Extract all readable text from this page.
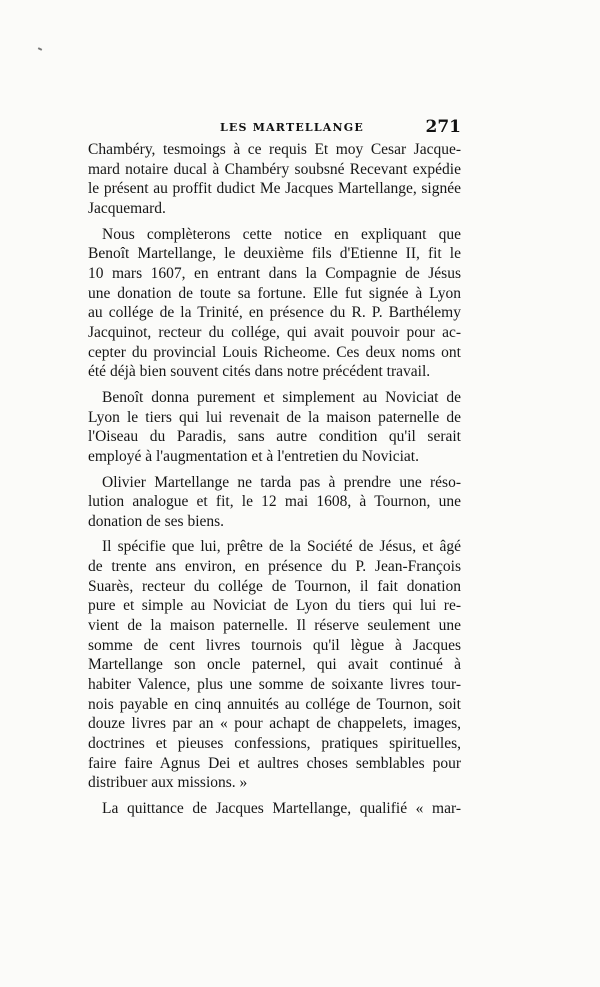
LES MARTELLANGE	271

Chambéry, tesmoings à ce requis Et moy Cesar Jacque-
mard notaire ducal à Chambéry soubsné Recevant expédie
le présent au proffit dudict Me Jacques Martellange, signée
Jacquemard.

Nous complèterons cette notice en expliquant que
Benoît Martellange, le deuxième fils d'Etienne II, fit le
10 mars 1607, en entrant dans la Compagnie de Jésus
une donation de toute sa fortune. Elle fut signée à Lyon
au collége de la Trinité, en présence du R. P. Barthélemy
Jacquinot, recteur du collége, qui avait pouvoir pour ac-
cepter du provincial Louis Richeome. Ces deux noms ont
été déjà bien souvent cités dans notre précédent travail.

Benoît donna purement et simplement au Noviciat de
Lyon le tiers qui lui revenait de la maison paternelle de
l'Oiseau du Paradis, sans autre condition qu'il serait
employé à l'augmentation et à l'entretien du Noviciat.

Olivier Martellange ne tarda pas à prendre une réso-
lution analogue et fit, le 12 mai 1608, à Tournon, une
donation de ses biens.

Il spécifie que lui, prêtre de la Société de Jésus, et âgé
de trente ans environ, en présence du P. Jean-François
Suarès, recteur du collége de Tournon, il fait donation
pure et simple au Noviciat de Lyon du tiers qui lui re-
vient de la maison paternelle. Il réserve seulement une
somme de cent livres tournois qu'il lègue à Jacques
Martellange son oncle paternel, qui avait continué à
habiter Valence, plus une somme de soixante livres tour-
nois payable en cinq annuités au collége de Tournon, soit
douze livres par an « pour achapt de chappelets, images,
doctrines et pieuses confessions, pratiques spirituelles,
faire faire Agnus Dei et aultres choses semblables pour
distribuer aux missions. »

La quittance de Jacques Martellange, qualifié « mar-
